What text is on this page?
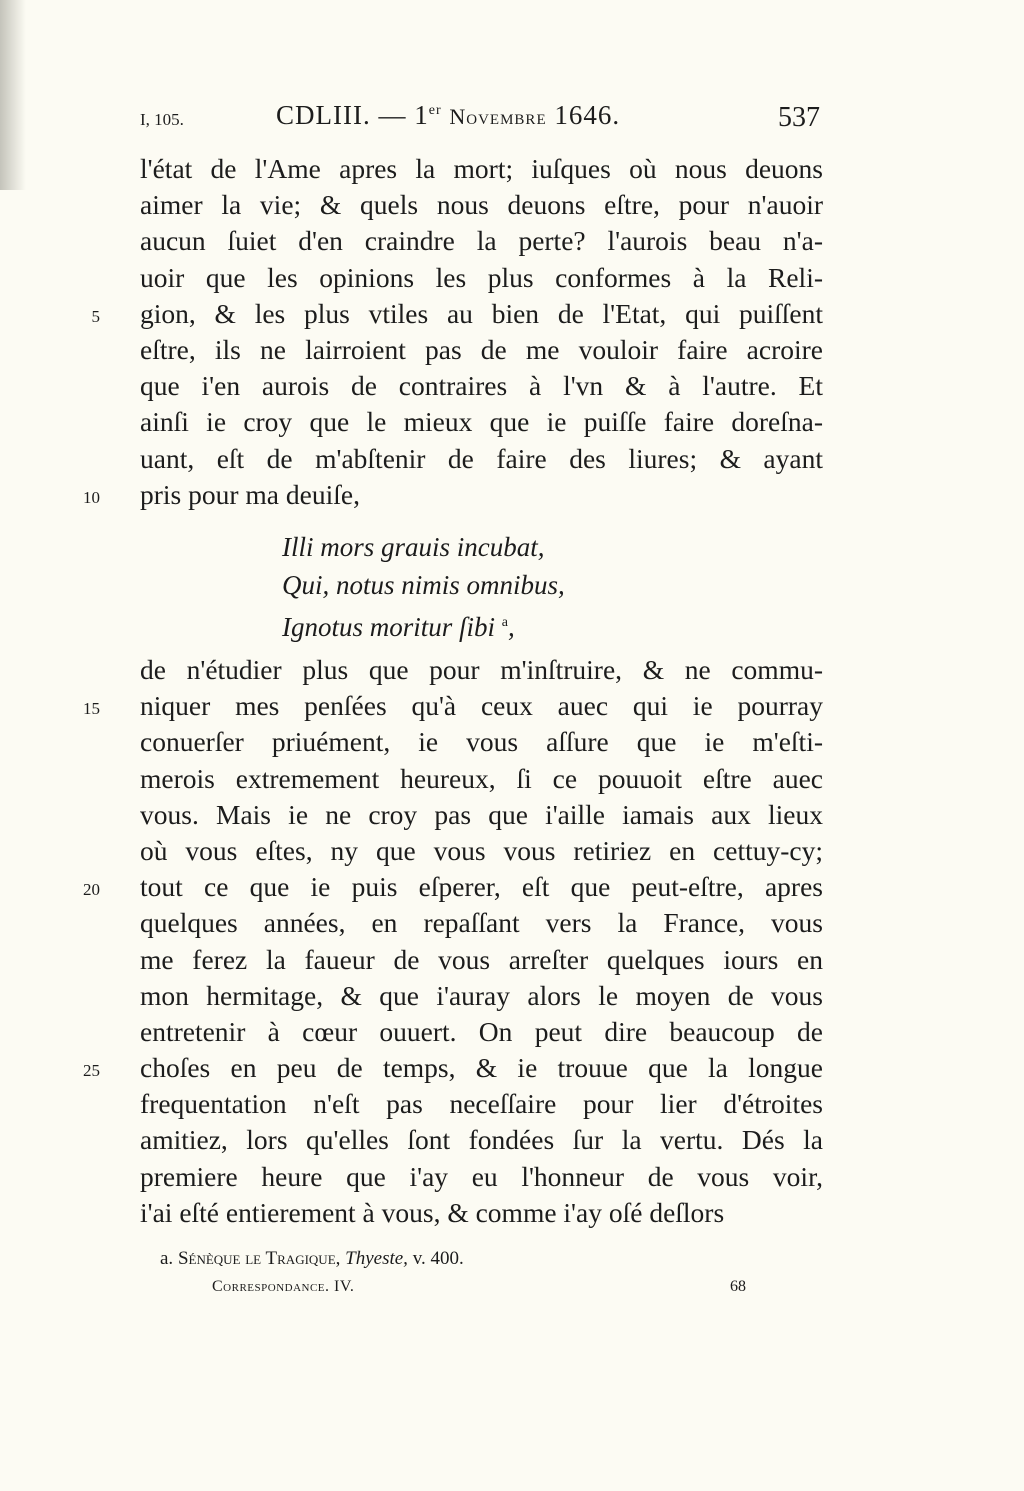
I, 105.	CDLIII. — 1er Novembre 1646.	537
l'état de l'Ame apres la mort; iuſques où nous deuons
aimer la vie; & quels nous deuons eſtre, pour n'auoir
aucun ſuiet d'en craindre la perte? l'aurois beau n'a-
uoir que les opinions les plus conformes à la Reli-
5 gion, & les plus vtiles au bien de l'Etat, qui puiſſent
eſtre, ils ne lairroient pas de me vouloir faire acroire
que i'en aurois de contraires à l'vn & à l'autre. Et
ainſi ie croy que le mieux que ie puiſſe faire doreſna-
uant, eſt de m'abſtenir de faire des liures; & ayant
10 pris pour ma deuiſe,
Illi mors grauis incubat,
Qui, notus nimis omnibus,
Ignotus moritur ſibi $^a$,
de n'étudier plus que pour m'inſtruire, & ne commu-
15 niquer mes penſées qu'à ceux auec qui ie pourray
conuerſer priuément, ie vous aſſure que ie m'eſti-
merois extremement heureux, ſi ce pouuoit eſtre auec
vous. Mais ie ne croy pas que i'aille iamais aux lieux
où vous eſtes, ny que vous vous retiriez en cettuy-cy;
20 tout ce que ie puis eſperer, eſt que peut-eſtre, apres
quelques années, en repaſſant vers la France, vous
me ferez la faueur de vous arreſter quelques iours en
mon hermitage, & que i'auray alors le moyen de vous
entretenir à cœur ouuert. On peut dire beaucoup de
25 choſes en peu de temps, & ie trouue que la longue
frequentation n'eſt pas neceſſaire pour lier d'étroites
amitiez, lors qu'elles ſont fondées ſur la vertu. Dés la
premiere heure que i'ay eu l'honneur de vous voir,
i'ai eſté entierement à vous, & comme i'ay oſé deſlors
a. Sénèque le Tragique, Thyeste, v. 400.
Correspondance. IV.	68
